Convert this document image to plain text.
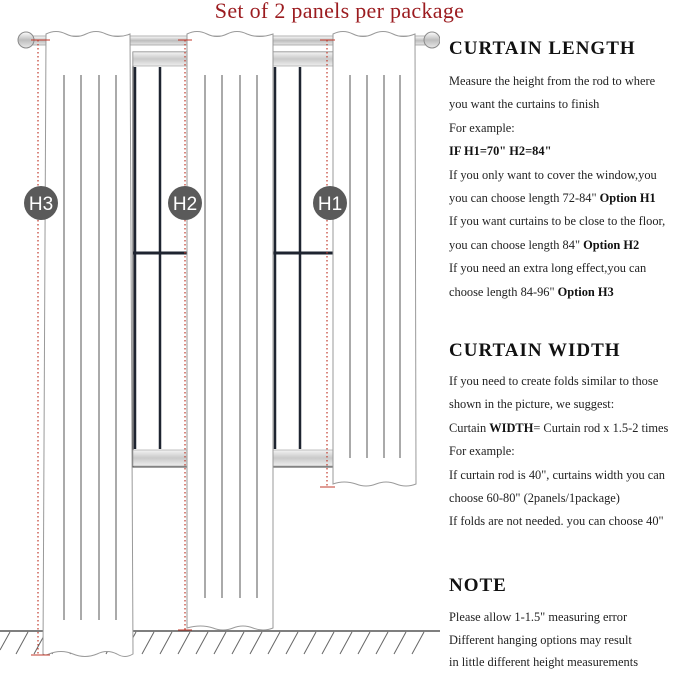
Set of 2 panels per package
H3	H2	H1
CURTAIN LENGTH
Measure the height from the rod to where
you want the curtains to finish
For example:
IF H1=70" H2=84"
If you only want to cover the window,you
you can choose length 72-84" Option H1
If you want curtains to be close to the floor,
you can choose length 84" Option H2
If you need an extra long effect,you can
choose length 84-96" Option H3
CURTAIN WIDTH
If you need to create folds similar to those
shown in the picture, we suggest:
Curtain WIDTH= Curtain rod x 1.5-2 times
For example:
If curtain rod is 40", curtains width you can
choose 60-80" (2panels/1package)
If folds are not needed. you can choose 40"
NOTE
Please allow 1-1.5" measuring error
Different hanging options may result
in little different height measurements
